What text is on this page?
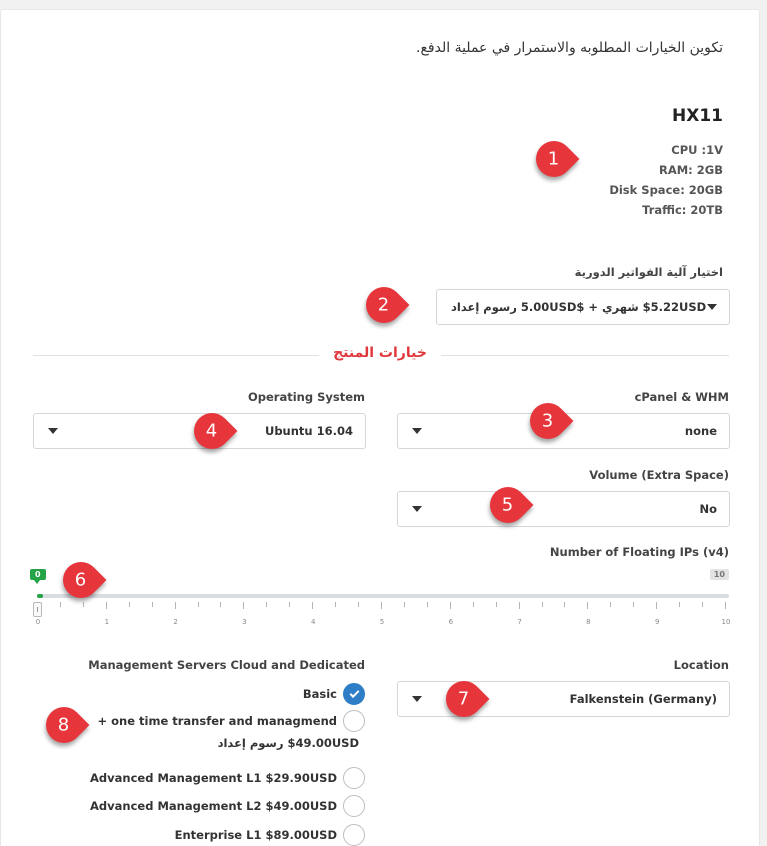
تكوين الخيارات المطلوبه والاستمرار في عملية الدفع.
HX11
CPU :1V
RAM: 2GB
Disk Space: 20GB
Traffic: 20TB
اختيار آلية الفواتير الدورية
$5.22USD شهري + $5.00USD رسوم إعداد
خيارات المنتج
cPanel & WHM
none
Operating System
Ubuntu 16.04
Volume (Extra Space)
No
Number of Floating IPs (v4)
0	10
0	1	2	3	4	5	6	7	8	9	10
Location
Falkenstein (Germany)
Management Servers Cloud and Dedicated
Basic
one time transfer and managmend +
$49.00USD رسوم إعداد
Advanced Management L1 $29.90USD
Advanced Management L2 $49.00USD
Enterprise L1 $89.00USD
1
2
3
4
5
6
7
8
